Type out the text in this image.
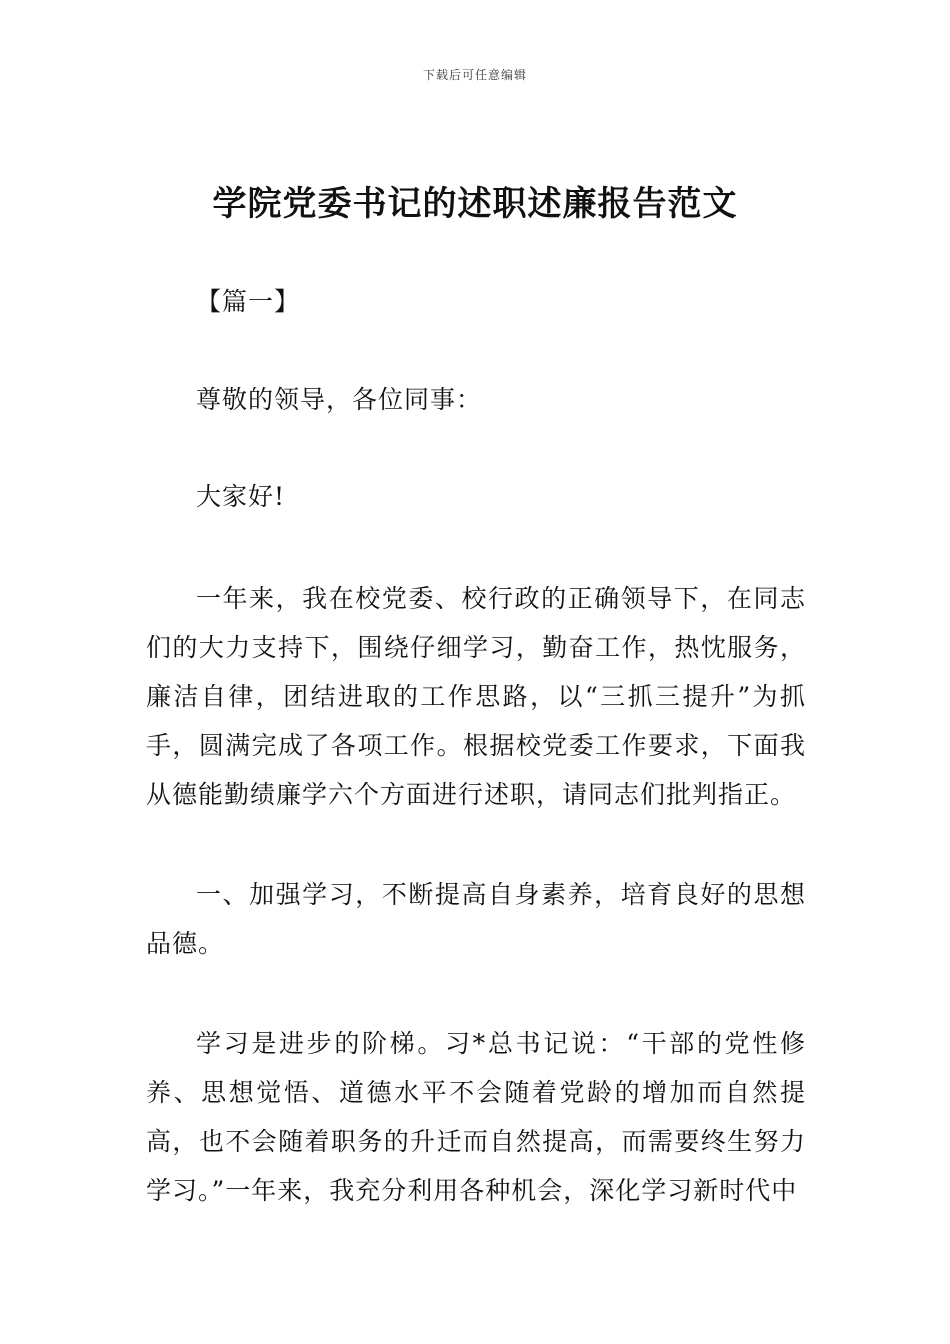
下载后可任意编辑
学院党委书记的述职述廉报告范文

【篇一】

尊敬的领导，各位同事：

大家好!

一年来，我在校党委、校行政的正确领导下，在同志们的大力支持下，围绕仔细学习，勤奋工作，热忱服务，廉洁自律，团结进取的工作思路，以“三抓三提升”为抓手，圆满完成了各项工作。根据校党委工作要求，下面我从德能勤绩廉学六个方面进行述职，请同志们批判指正。

一、加强学习，不断提高自身素养，培育良好的思想品德。

学习是进步的阶梯。习*总书记说：“干部的党性修养、思想觉悟、道德水平不会随着党龄的增加而自然提高，也不会随着职务的升迁而自然提高，而需要终生努力学习。”一年来，我充分利用各种机会，深化学习新时代中
